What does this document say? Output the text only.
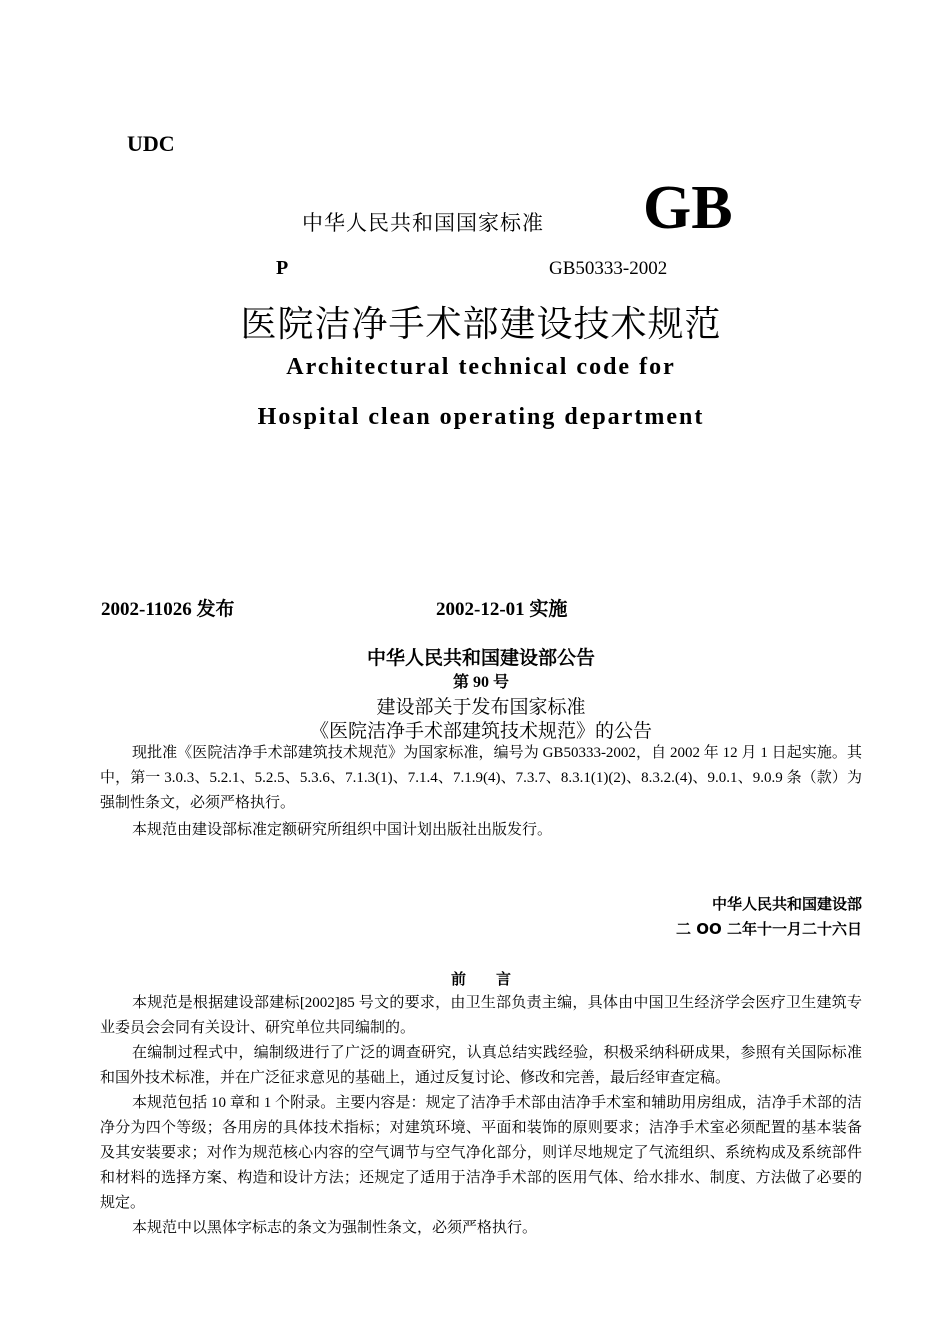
UDC
中华人民共和国国家标准 GB
P	GB50333-2002
医院洁净手术部建设技术规范
Architectural technical code for
Hospital clean operating department
2002-11026 发布	2002-12-01 实施
中华人民共和国建设部公告
第 90 号
建设部关于发布国家标准
《医院洁净手术部建筑技术规范》的公告

现批准《医院洁净手术部建筑技术规范》为国家标准，编号为 GB50333-2002，自 2002 年 12 月 1 日起实施。其中，第一 3.0.3、5.2.1、5.2.5、5.3.6、7.1.3(1)、7.1.4、7.1.9(4)、7.3.7、8.3.1(1)(2)、8.3.2.(4)、9.0.1、9.0.9 条（款）为强制性条文，必须严格执行。

本规范由建设部标准定额研究所组织中国计划出版社出版发行。

中华人民共和国建设部
二 OO 二年十一月二十六日
前　　言

本规范是根据建设部建标[2002]85 号文的要求，由卫生部负责主编，具体由中国卫生经济学会医疗卫生建筑专业委员会会同有关设计、研究单位共同编制的。

在编制过程式中，编制级进行了广泛的调查研究，认真总结实践经验，积极采纳科研成果，参照有关国际标准和国外技术标准，并在广泛征求意见的基础上，通过反复讨论、修改和完善，最后经审查定稿。

本规范包括 10 章和 1 个附录。主要内容是：规定了洁净手术部由洁净手术室和辅助用房组成，洁净手术部的洁净分为四个等级；各用房的具体技术指标；对建筑环境、平面和装饰的原则要求；洁净手术室必须配置的基本装备及其安装要求；对作为规范核心内容的空气调节与空气净化部分，则详尽地规定了气流组织、系统构成及系统部件和材料的选择方案、构造和设计方法；还规定了适用于洁净手术部的医用气体、给水排水、制度、方法做了必要的规定。

本规范中以黑体字标志的条文为强制性条文，必须严格执行。
